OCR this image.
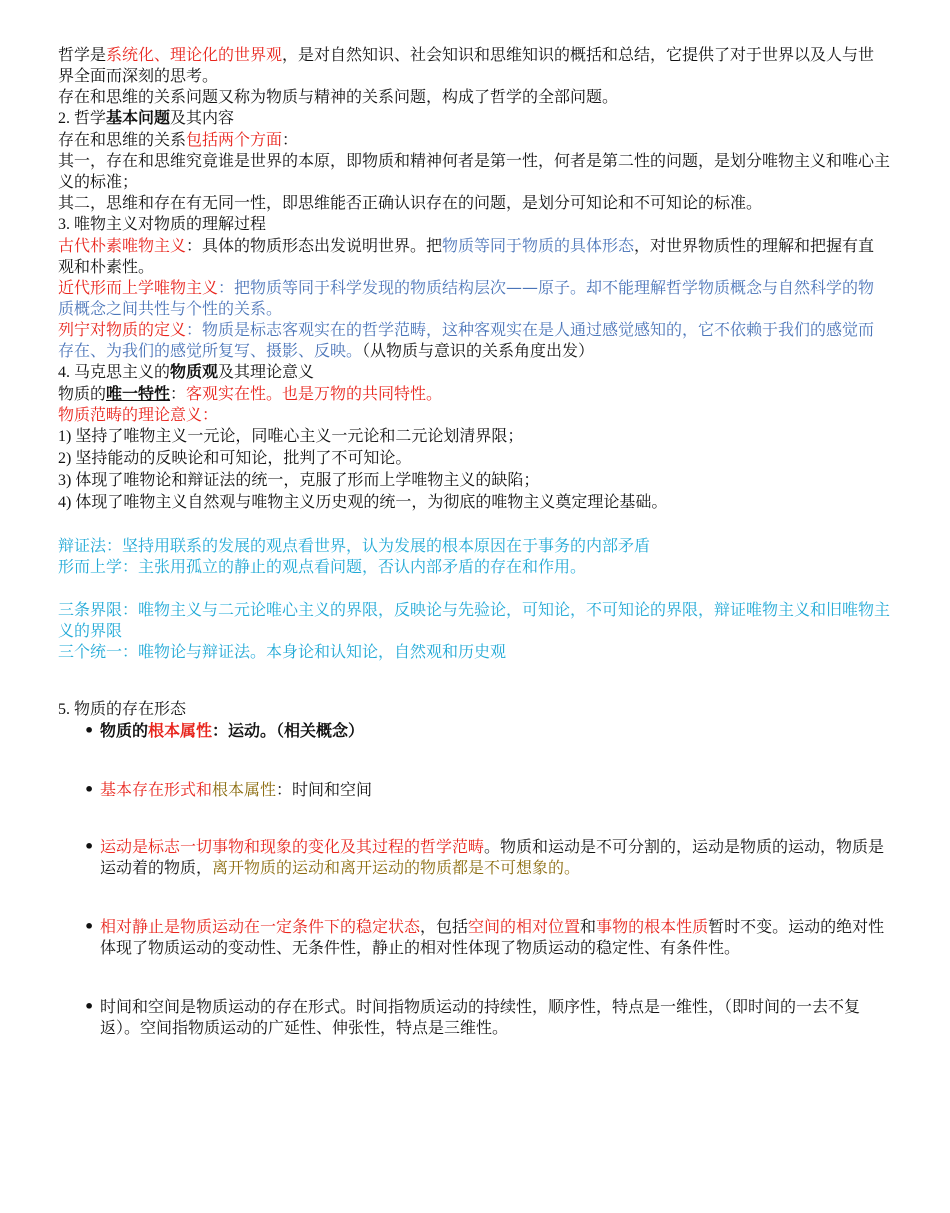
哲学是系统化、理论化的世界观，是对自然知识、社会知识和思维知识的概括和总结，它提供了对于世界以及人与世界全面而深刻的思考。

存在和思维的关系问题又称为物质与精神的关系问题，构成了哲学的全部问题。

2. 哲学基本问题及其内容

存在和思维的关系包括两个方面：

其一，存在和思维究竟谁是世界的本原，即物质和精神何者是第一性，何者是第二性的问题，是划分唯物主义和唯心主义的标准；

其二，思维和存在有无同一性，即思维能否正确认识存在的问题，是划分可知论和不可知论的标准。

3. 唯物主义对物质的理解过程

古代朴素唯物主义：具体的物质形态出发说明世界。把物质等同于物质的具体形态，对世界物质性的理解和把握有直观和朴素性。

近代形而上学唯物主义：把物质等同于科学发现的物质结构层次——原子。却不能理解哲学物质概念与自然科学的物质概念之间共性与个性的关系。

列宁对物质的定义：物质是标志客观实在的哲学范畴，这种客观实在是人通过感觉感知的，它不依赖于我们的感觉而存在、为我们的感觉所复写、摄影、反映。（从物质与意识的关系角度出发）

4. 马克思主义的物质观及其理论意义

物质的唯一特性：客观实在性。也是万物的共同特性。

物质范畴的理论意义：

1) 坚持了唯物主义一元论，同唯心主义一元论和二元论划清界限；

2) 坚持能动的反映论和可知论，批判了不可知论。

3) 体现了唯物论和辩证法的统一，克服了形而上学唯物主义的缺陷；

4) 体现了唯物主义自然观与唯物主义历史观的统一，为彻底的唯物主义奠定理论基础。

辩证法：坚持用联系的发展的观点看世界，认为发展的根本原因在于事务的内部矛盾

形而上学：主张用孤立的静止的观点看问题，否认内部矛盾的存在和作用。

三条界限：唯物主义与二元论唯心主义的界限，反映论与先验论，可知论，不可知论的界限，辩证唯物主义和旧唯物主义的界限

三个统一：唯物论与辩证法。本身论和认知论，自然观和历史观

5. 物质的存在形态

• 物质的根本属性：运动。（相关概念）
• 基本存在形式和根本属性：时间和空间
• 运动是标志一切事物和现象的变化及其过程的哲学范畴。物质和运动是不可分割的，运动是物质的运动，物质是运动着的物质，离开物质的运动和离开运动的物质都是不可想象的。
• 相对静止是物质运动在一定条件下的稳定状态，包括空间的相对位置和事物的根本性质暂时不变。运动的绝对性体现了物质运动的变动性、无条件性，静止的相对性体现了物质运动的稳定性、有条件性。
• 时间和空间是物质运动的存在形式。时间指物质运动的持续性，顺序性，特点是一维性，（即时间的一去不复返）。空间指物质运动的广延性、伸张性，特点是三维性。
